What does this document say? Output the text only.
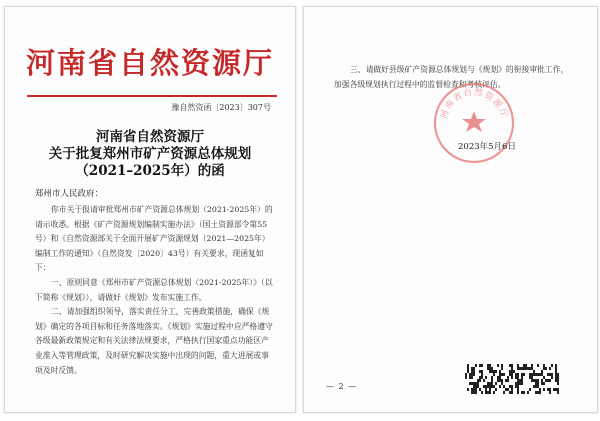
河南省自然资源厅
豫自然资函〔2023〕307号
河南省自然资源厅
关于批复郑州市矿产资源总体规划
（2021–2025年）的函
郑州市人民政府：

你市关于报请审批郑州市矿产资源总体规划（2021-2025年）的请示收悉。根据《矿产资源规划编制实施办法》（国土资源部令第55号）和《自然资源部关于全面开展矿产资源规划（2021—2025年）编制工作的通知》（自然资发〔2020〕43号）有关要求，现函复如下：

一、原则同意《郑州市矿产资源总体规划（2021-2025年）》（以下简称《规划》），请做好《规划》发布实施工作。

二、请加强组织领导，落实责任分工，完善政策措施，确保《规划》确定的各项目标和任务落地落实。《规划》实施过程中应严格遵守各级最新政策规定和有关法律法规要求，严格执行国家重点功能区产业准入等管理政策，及时研究解决实施中出现的问题，重大进展或事项及时反馈。

三、请做好县级矿产资源总体规划与《规划》的衔接审批工作，加强各级规划执行过程中的监督检查和考核评估。

河南省自然资源厅
2023年5月6日
— 2 —
